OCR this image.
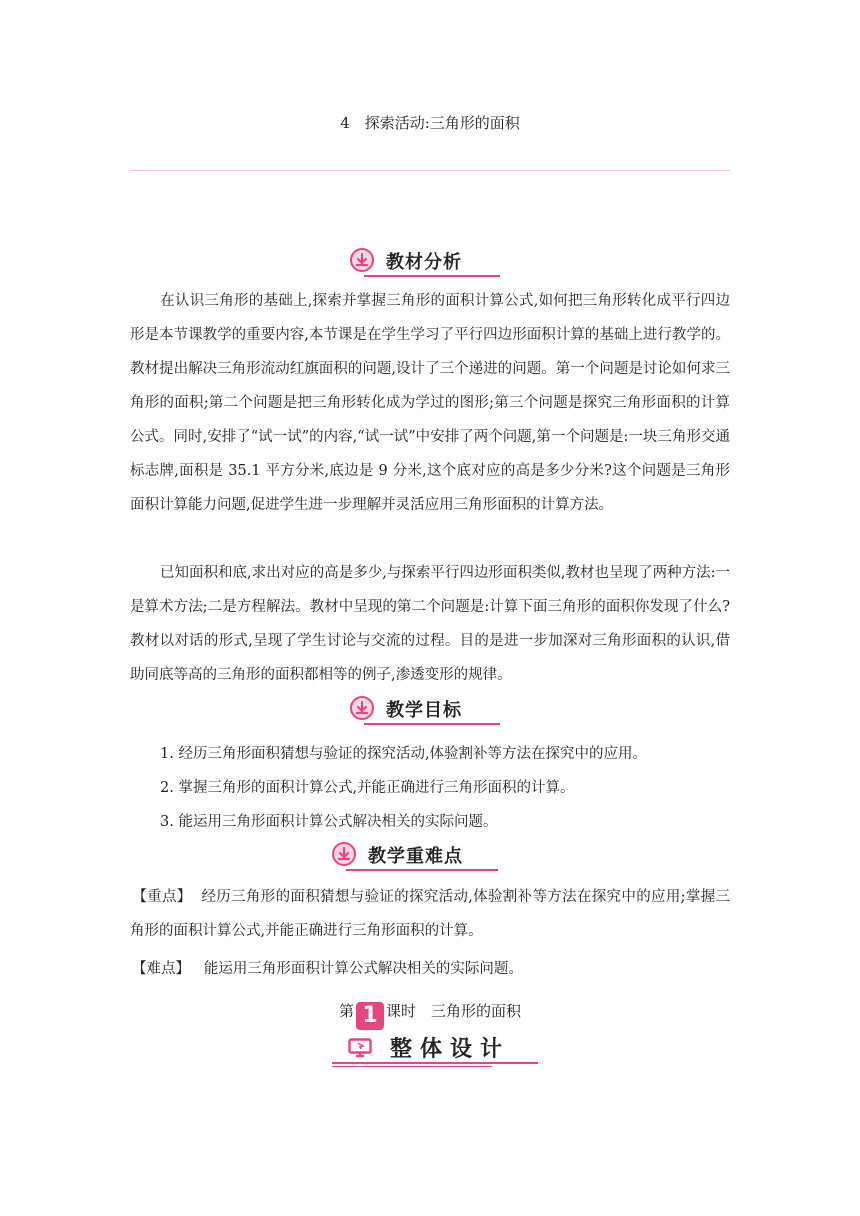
4　探索活动:三角形的面积
教材分析
在认识三角形的基础上,探索并掌握三角形的面积计算公式,如何把三角形转化成平行四边形是本节课教学的重要内容,本节课是在学生学习了平行四边形面积计算的基础上进行教学的。教材提出解决三角形流动红旗面积的问题,设计了三个递进的问题。第一个问题是讨论如何求三角形的面积;第二个问题是把三角形转化成为学过的图形;第三个问题是探究三角形面积的计算公式。同时,安排了“试一试”的内容,“试一试”中安排了两个问题,第一个问题是:一块三角形交通标志牌,面积是 35.1 平方分米,底边是 9 分米,这个底对应的高是多少分米?这个问题是三角形面积计算能力问题,促进学生进一步理解并灵活应用三角形面积的计算方法。
已知面积和底,求出对应的高是多少,与探索平行四边形面积类似,教材也呈现了两种方法:一是算术方法;二是方程解法。教材中呈现的第二个问题是:计算下面三角形的面积你发现了什么?教材以对话的形式,呈现了学生讨论与交流的过程。目的是进一步加深对三角形面积的认识,借助同底等高的三角形的面积都相等的例子,渗透变形的规律。
教学目标
1. 经历三角形面积猜想与验证的探究活动,体验割补等方法在探究中的应用。
2. 掌握三角形的面积计算公式,并能正确进行三角形面积的计算。
3. 能运用三角形面积计算公式解决相关的实际问题。
教学重难点
【重点】 经历三角形的面积猜想与验证的探究活动,体验割补等方法在探究中的应用;掌握三角形的面积计算公式,并能正确进行三角形面积的计算。
【难点】 能运用三角形面积计算公式解决相关的实际问题。
第 1 课时　三角形的面积
整体设计
